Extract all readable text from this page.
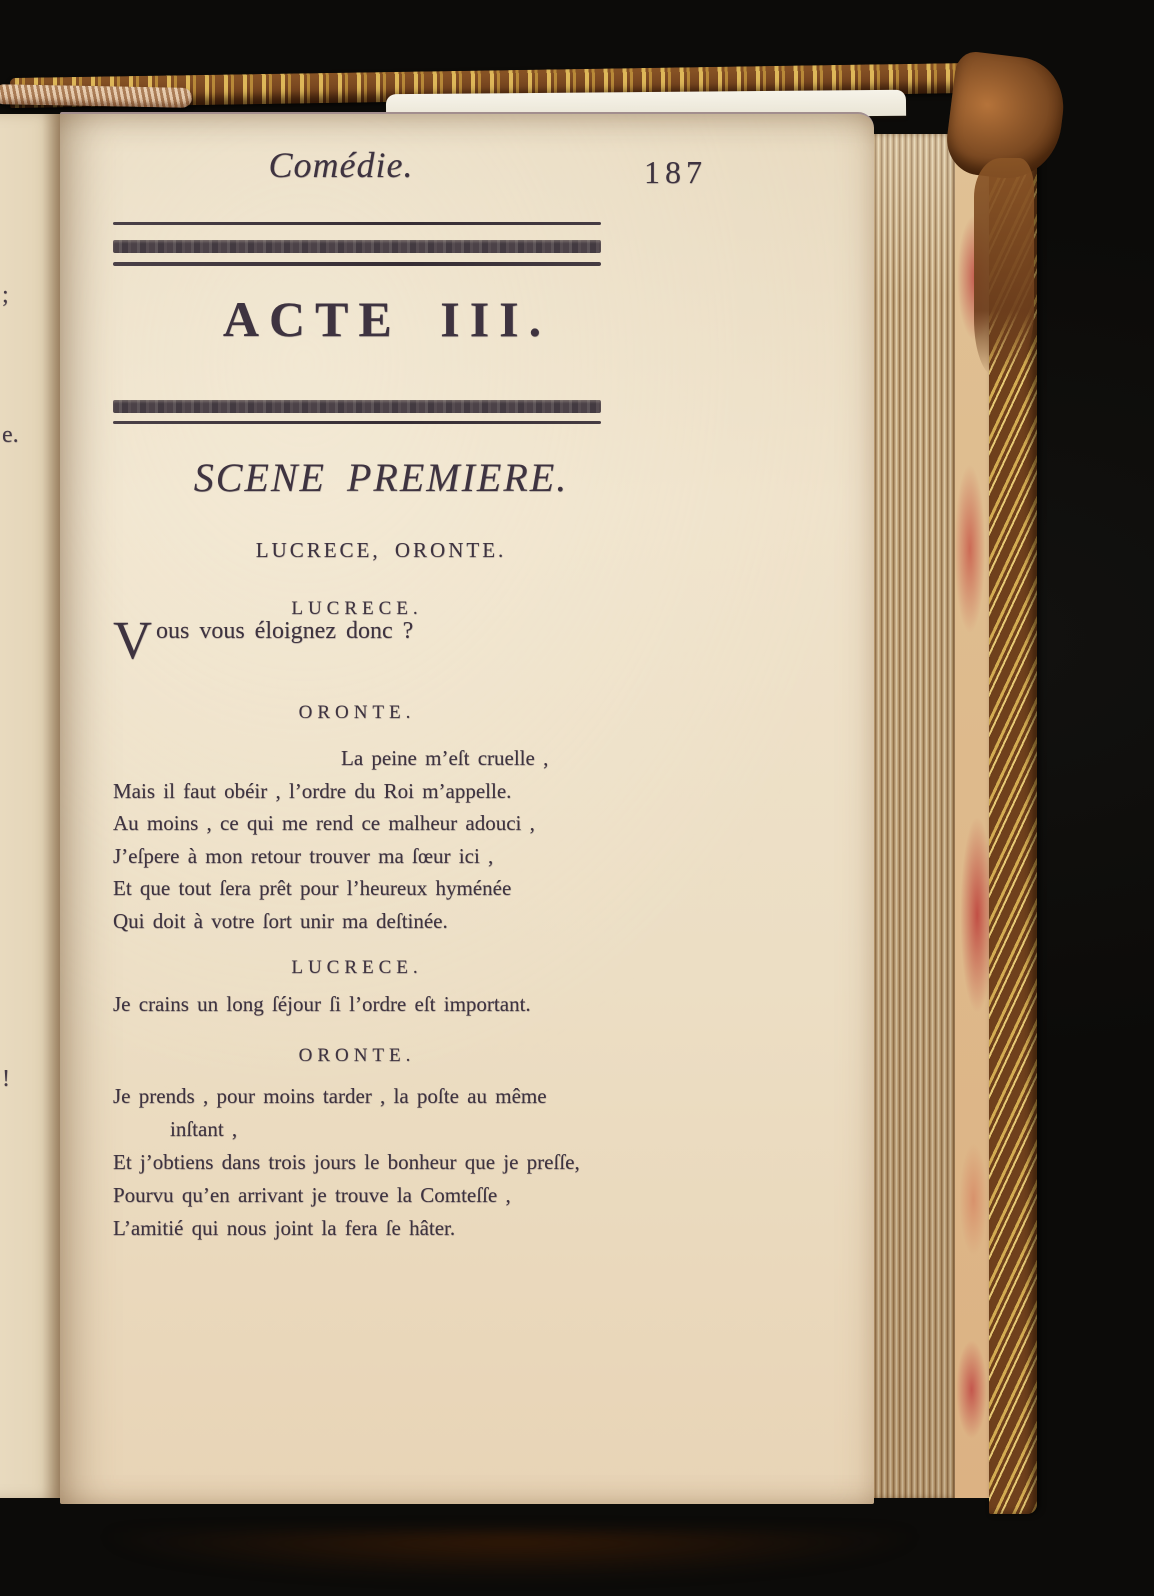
;
e.
!
Comédie.	187
ACTE III.
SCENE PREMIERE.
LUCRECE, ORONTE.
LUCRECE.
Vous vous éloignez donc ?
ORONTE.
La peine m’eſt cruelle ,
Mais il faut obéir , l’ordre du Roi m’appelle.
Au moins , ce qui me rend ce malheur adouci ,
J’eſpere à mon retour trouver ma ſœur ici ,
Et que tout ſera prêt pour l’heureux hyménée
Qui doit à votre ſort unir ma deſtinée.
LUCRECE.
Je crains un long ſéjour ſi l’ordre eſt important.
ORONTE.
Je prends , pour moins tarder , la poſte au même
inſtant ,
Et j’obtiens dans trois jours le bonheur que je preſſe,
Pourvu qu’en arrivant je trouve la Comteſſe ,
L’amitié qui nous joint la fera ſe hâter.
